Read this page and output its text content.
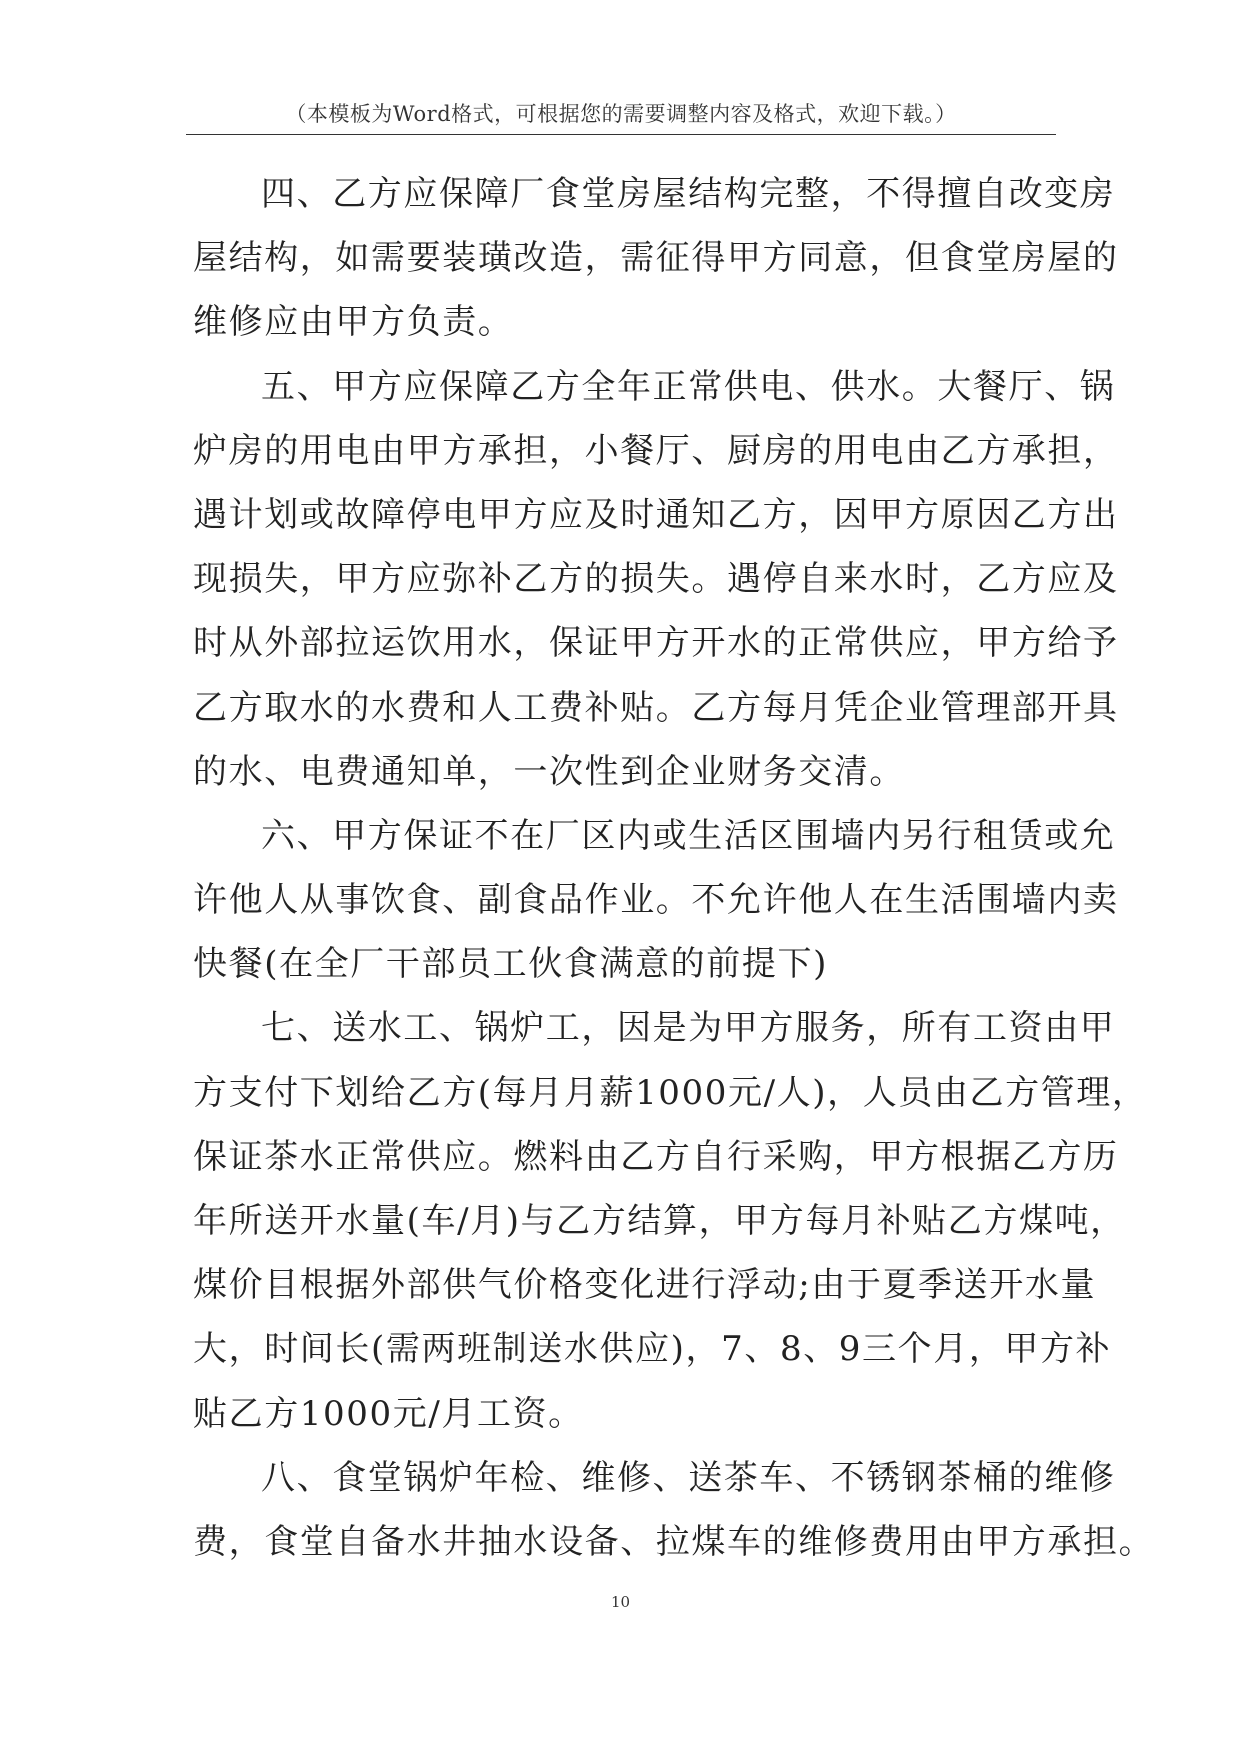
（本模板为Word格式，可根据您的需要调整内容及格式，欢迎下载。）
四、乙方应保障厂食堂房屋结构完整，不得擅自改变房
屋结构，如需要装璜改造，需征得甲方同意，但食堂房屋的
维修应由甲方负责。
五、甲方应保障乙方全年正常供电、供水。大餐厅、锅
炉房的用电由甲方承担，小餐厅、厨房的用电由乙方承担，
遇计划或故障停电甲方应及时通知乙方，因甲方原因乙方出
现损失，甲方应弥补乙方的损失。遇停自来水时，乙方应及
时从外部拉运饮用水，保证甲方开水的正常供应，甲方给予
乙方取水的水费和人工费补贴。乙方每月凭企业管理部开具
的水、电费通知单，一次性到企业财务交清。
六、甲方保证不在厂区内或生活区围墙内另行租赁或允
许他人从事饮食、副食品作业。不允许他人在生活围墙内卖
快餐(在全厂干部员工伙食满意的前提下)
七、送水工、锅炉工，因是为甲方服务，所有工资由甲
方支付下划给乙方(每月月薪1000元/人)，人员由乙方管理，
保证茶水正常供应。燃料由乙方自行采购，甲方根据乙方历
年所送开水量(车/月)与乙方结算，甲方每月补贴乙方煤吨，
煤价目根据外部供气价格变化进行浮动;由于夏季送开水量
大，时间长(需两班制送水供应)，7、8、9三个月，甲方补
贴乙方1000元/月工资。
八、食堂锅炉年检、维修、送茶车、不锈钢茶桶的维修
费，食堂自备水井抽水设备、拉煤车的维修费用由甲方承担。
10
